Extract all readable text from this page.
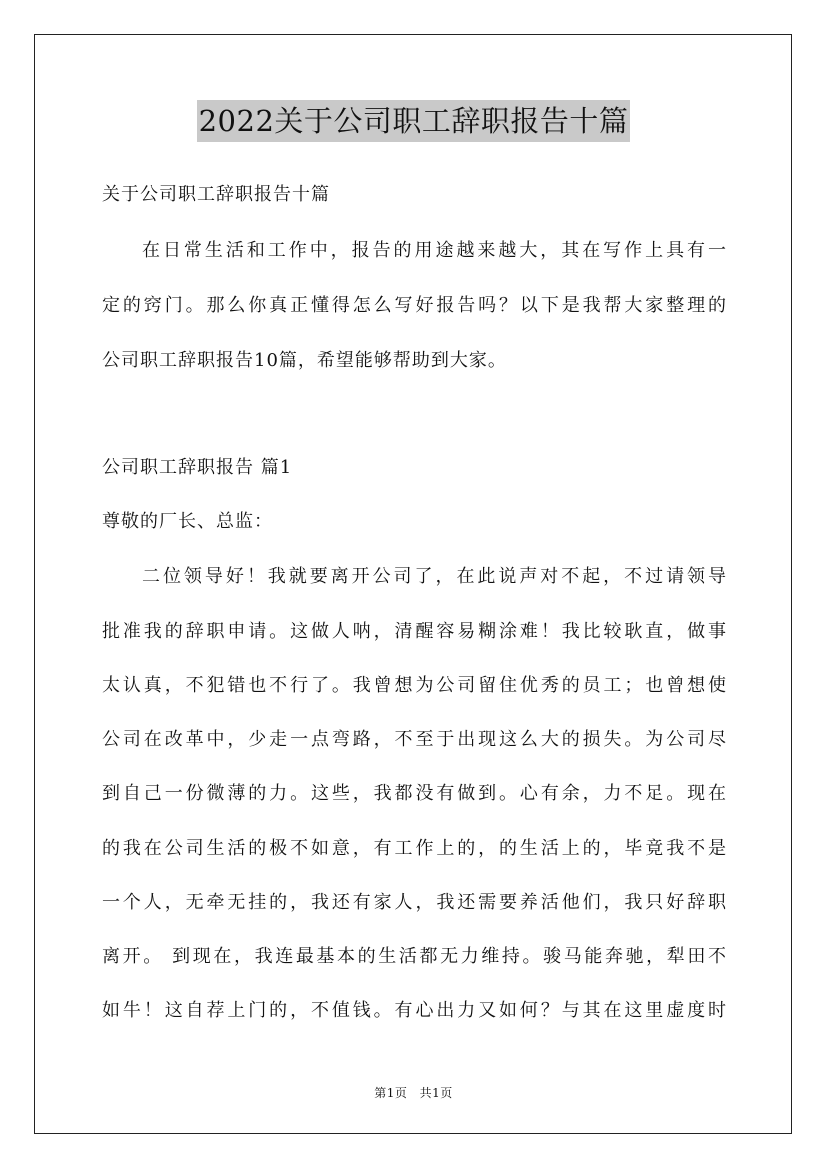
2022关于公司职工辞职报告十篇
关于公司职工辞职报告十篇
在日常生活和工作中，报告的用途越来越大，其在写作上具有一
定的窍门。那么你真正懂得怎么写好报告吗？以下是我帮大家整理的
公司职工辞职报告10篇，希望能够帮助到大家。
公司职工辞职报告 篇1
尊敬的厂长、总监：
二位领导好！我就要离开公司了，在此说声对不起，不过请领导
批准我的辞职申请。这做人呐，清醒容易糊涂难！我比较耿直，做事
太认真，不犯错也不行了。我曾想为公司留住优秀的员工；也曾想使
公司在改革中，少走一点弯路，不至于出现这么大的损失。为公司尽
到自己一份微薄的力。这些，我都没有做到。心有余，力不足。现在
的我在公司生活的极不如意，有工作上的，的生活上的，毕竟我不是
一个人，无牵无挂的，我还有家人，我还需要养活他们，我只好辞职
离开。 到现在，我连最基本的生活都无力维持。骏马能奔驰，犁田不
如牛！这自荐上门的，不值钱。有心出力又如何？与其在这里虚度时
第1页 共1页
